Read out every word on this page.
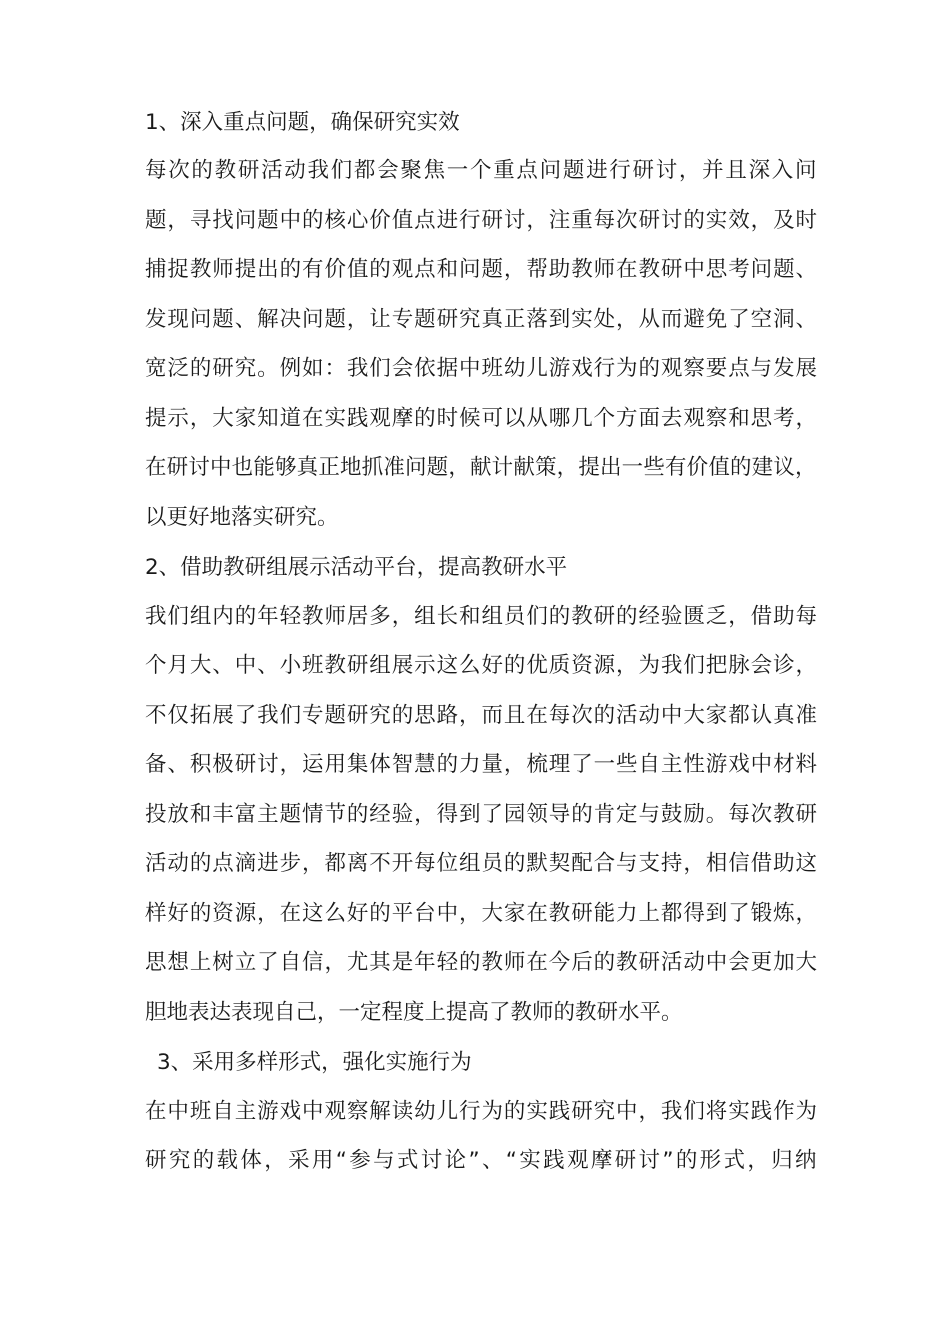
1、深入重点问题，确保研究实效
每次的教研活动我们都会聚焦一个重点问题进行研讨，并且深入问
题，寻找问题中的核心价值点进行研讨，注重每次研讨的实效，及时
捕捉教师提出的有价值的观点和问题，帮助教师在教研中思考问题、
发现问题、解决问题，让专题研究真正落到实处，从而避免了空洞、
宽泛的研究。例如：我们会依据中班幼儿游戏行为的观察要点与发展
提示，大家知道在实践观摩的时候可以从哪几个方面去观察和思考，
在研讨中也能够真正地抓准问题，献计献策，提出一些有价值的建议，
以更好地落实研究。
2、借助教研组展示活动平台，提高教研水平
我们组内的年轻教师居多，组长和组员们的教研的经验匮乏，借助每
个月大、中、小班教研组展示这么好的优质资源，为我们把脉会诊，
不仅拓展了我们专题研究的思路，而且在每次的活动中大家都认真准
备、积极研讨，运用集体智慧的力量，梳理了一些自主性游戏中材料
投放和丰富主题情节的经验，得到了园领导的肯定与鼓励。每次教研
活动的点滴进步，都离不开每位组员的默契配合与支持，相信借助这
样好的资源，在这么好的平台中，大家在教研能力上都得到了锻炼，
思想上树立了自信，尤其是年轻的教师在今后的教研活动中会更加大
胆地表达表现自己，一定程度上提高了教师的教研水平。
3、采用多样形式，强化实施行为
在中班自主游戏中观察解读幼儿行为的实践研究中，我们将实践作为
研究的载体，采用“参与式讨论”、“实践观摩研讨”的形式，归纳
